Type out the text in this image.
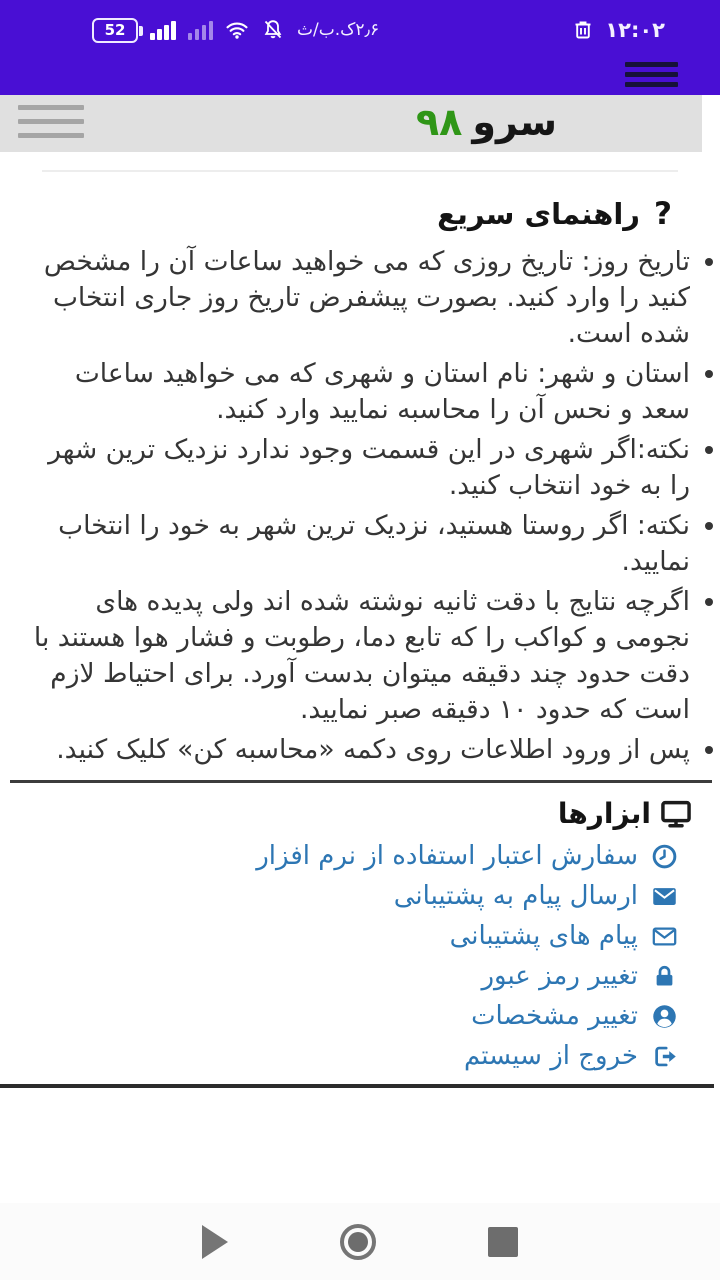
52	۲٫۶ک.ب/ث	۱۲:۰۲
سرو
۹۸
?
راهنمای سریع
• تاریخ روز: تاریخ روزی که می خواهید ساعات آن را مشخص کنید را وارد کنید. بصورت پیشفرض تاریخ روز جاری انتخاب شده است.
• استان و شهر: نام استان و شهری که می خواهید ساعات سعد و نحس آن را محاسبه نمایید وارد کنید.
• نکته:اگر شهری در این قسمت وجود ندارد نزدیک ترین شهر را به خود انتخاب کنید.
• نکته: اگر روستا هستید، نزدیک ترین شهر به خود را انتخاب نمایید.
• اگرچه نتایج با دقت ثانیه نوشته شده اند ولی پدیده های نجومی و کواکب را که تابع دما، رطوبت و فشار هوا هستند با دقت حدود چند دقیقه میتوان بدست آورد. برای احتیاط لازم است که حدود ۱۰ دقیقه صبر نمایید.
• پس از ورود اطلاعات روی دکمه «محاسبه کن» کلیک کنید.
ابزارها
سفارش اعتبار استفاده از نرم افزار
ارسال پیام به پشتیبانی
پیام های پشتیبانی
تغییر رمز عبور
تغییر مشخصات
خروج از سیستم
